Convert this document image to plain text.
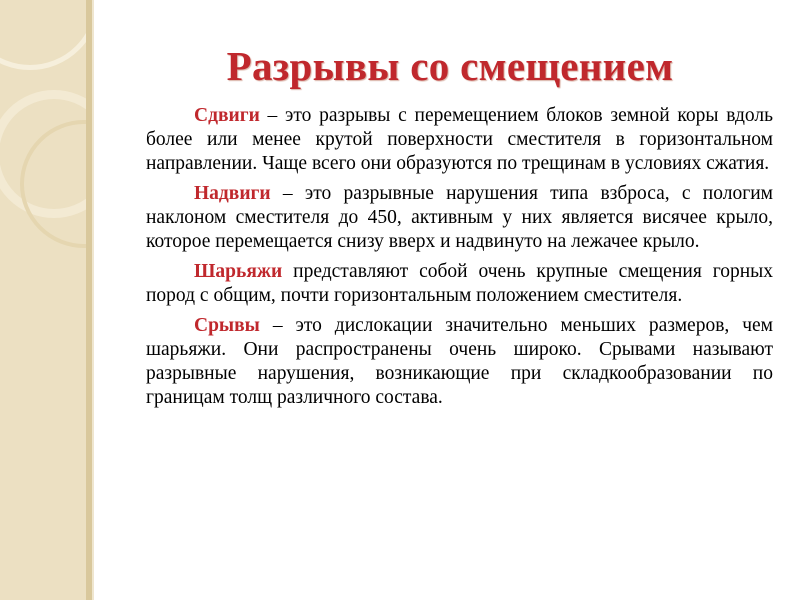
Разрывы со смещением

Сдвиги – это разрывы с перемещением блоков земной коры вдоль более или менее крутой поверхности сместителя в горизонтальном направлении. Чаще всего они образуются по трещинам в условиях сжатия.

Надвиги – это разрывные нарушения типа взброса, с пологим наклоном сместителя до 450, активным у них является висячее крыло, которое перемещается снизу вверх и надвинуто на лежачее крыло.

Шарьяжи представляют собой очень крупные смещения горных пород с общим, почти горизонтальным положением сместителя.

Срывы – это дислокации значительно меньших размеров, чем шарьяжи. Они распространены очень широко. Срывами называют разрывные нарушения, возникающие при складкообразовании по границам толщ различного состава.
